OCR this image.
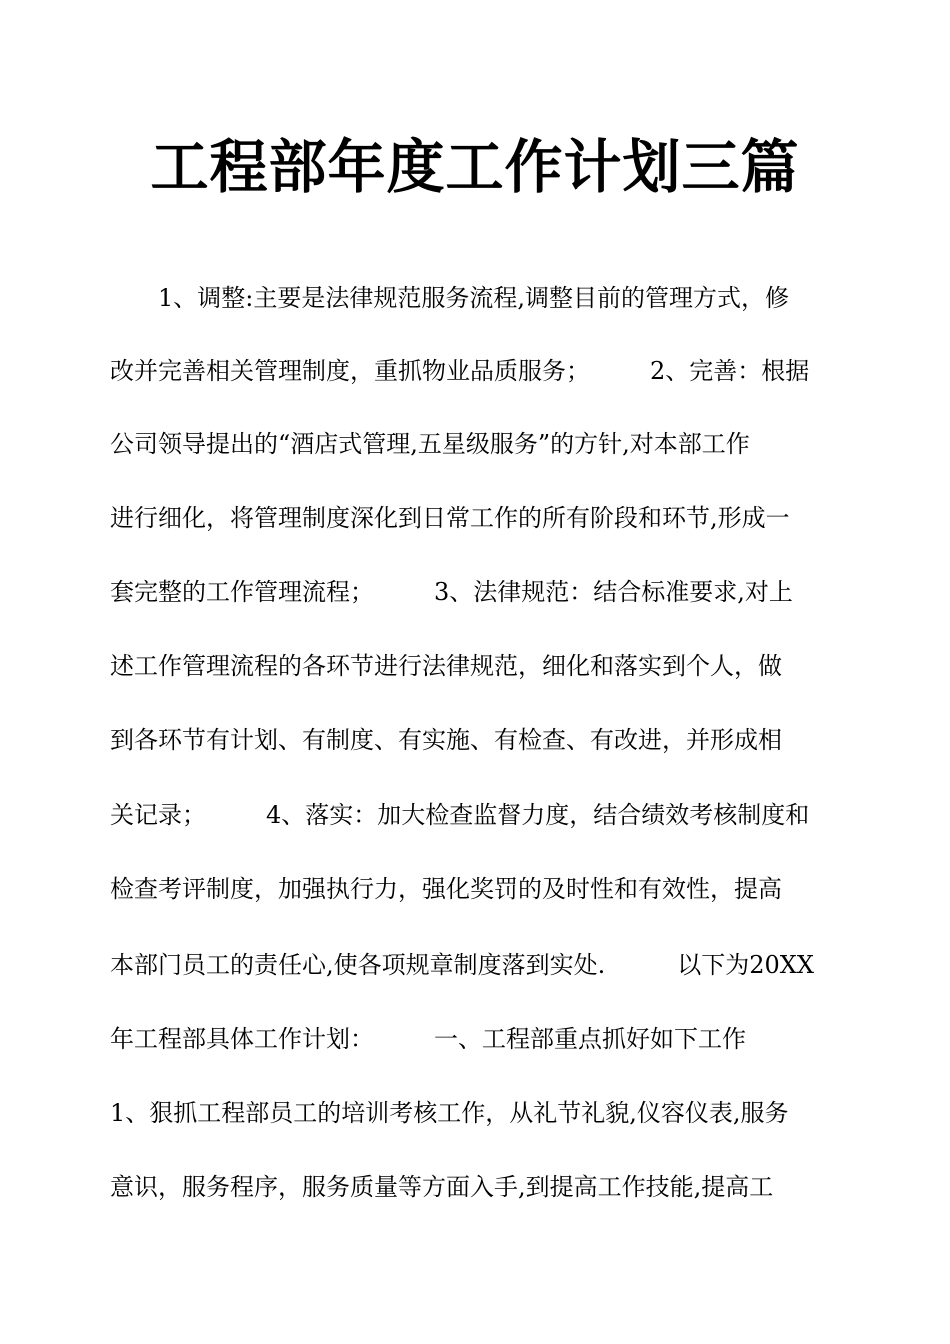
工程部年度工作计划三篇
　　1、调整:主要是法律规范服务流程,调整目前的管理方式，修
改并完善相关管理制度，重抓物业品质服务；　　　2、完善：根据
公司领导提出的“酒店式管理,五星级服务”的方针,对本部工作
进行细化，将管理制度深化到日常工作的所有阶段和环节,形成一
套完整的工作管理流程；　　　3、法律规范：结合标准要求,对上
述工作管理流程的各环节进行法律规范，细化和落实到个人，做
到各环节有计划、有制度、有实施、有检查、有改进，并形成相
关记录；　　　4、落实：加大检查监督力度，结合绩效考核制度和
检查考评制度，加强执行力，强化奖罚的及时性和有效性，提高
本部门员工的责任心,使各项规章制度落到实处.　　　以下为20XX
年工程部具体工作计划：　　　一、工程部重点抓好如下工作
1、狠抓工程部员工的培训考核工作，从礼节礼貌,仪容仪表,服务
意识，服务程序，服务质量等方面入手,到提高工作技能,提高工
